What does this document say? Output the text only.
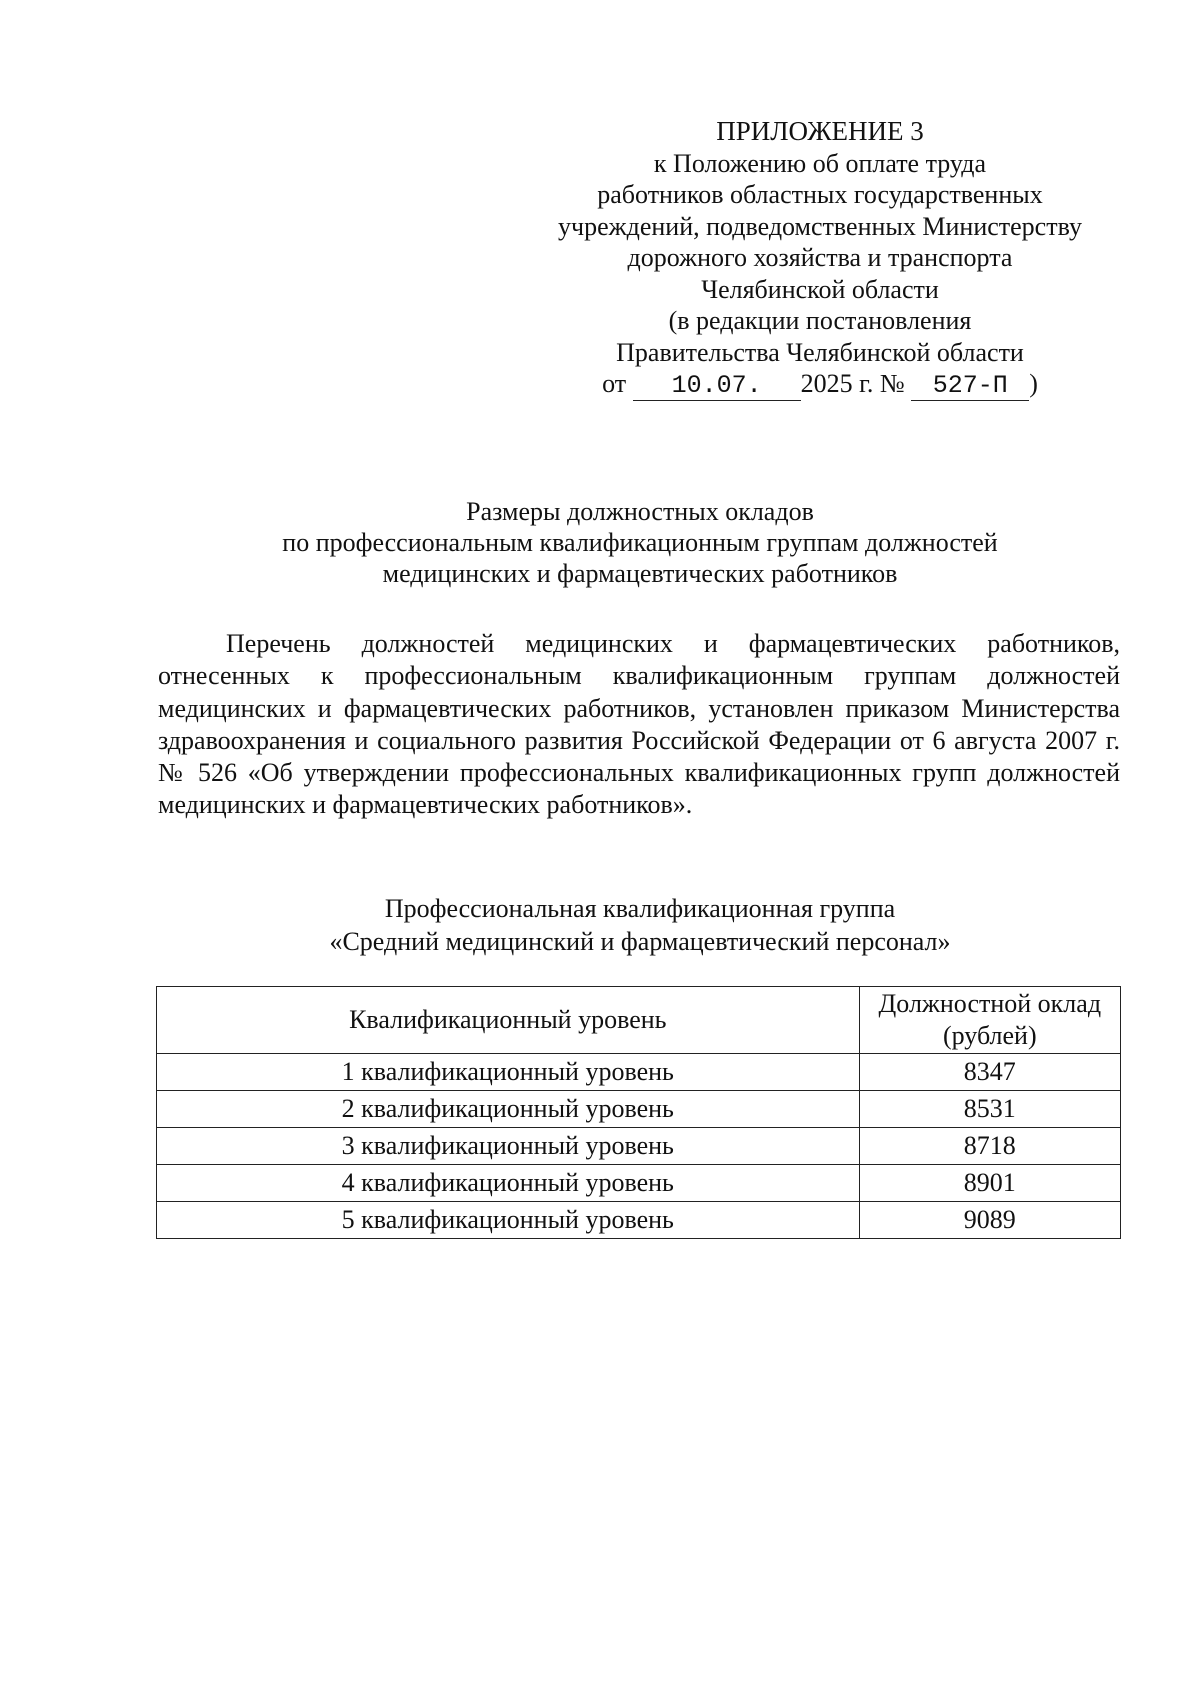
ПРИЛОЖЕНИЕ 3
к Положению об оплате труда
работников областных государственных
учреждений, подведомственных Министерству
дорожного хозяйства и транспорта
Челябинской области
(в редакции постановления
Правительства Челябинской области
от 10.07. 2025 г. № 527-П )
Размеры должностных окладов
по профессиональным квалификационным группам должностей
медицинских и фармацевтических работников
Перечень должностей медицинских и фармацевтических работников, отнесенных к профессиональным квалификационным группам должностей медицинских и фармацевтических работников, установлен приказом Министерства здравоохранения и социального развития Российской Федерации от 6 августа 2007 г. № 526 «Об утверждении профессиональных квалификационных групп должностей медицинских и фармацевтических работников».
Профессиональная квалификационная группа
«Средний медицинский и фармацевтический персонал»
Квалификационный уровень	Должностной оклад
(рублей)

1 квалификационный уровень	8347
2 квалификационный уровень	8531
3 квалификационный уровень	8718
4 квалификационный уровень	8901
5 квалификационный уровень	9089
